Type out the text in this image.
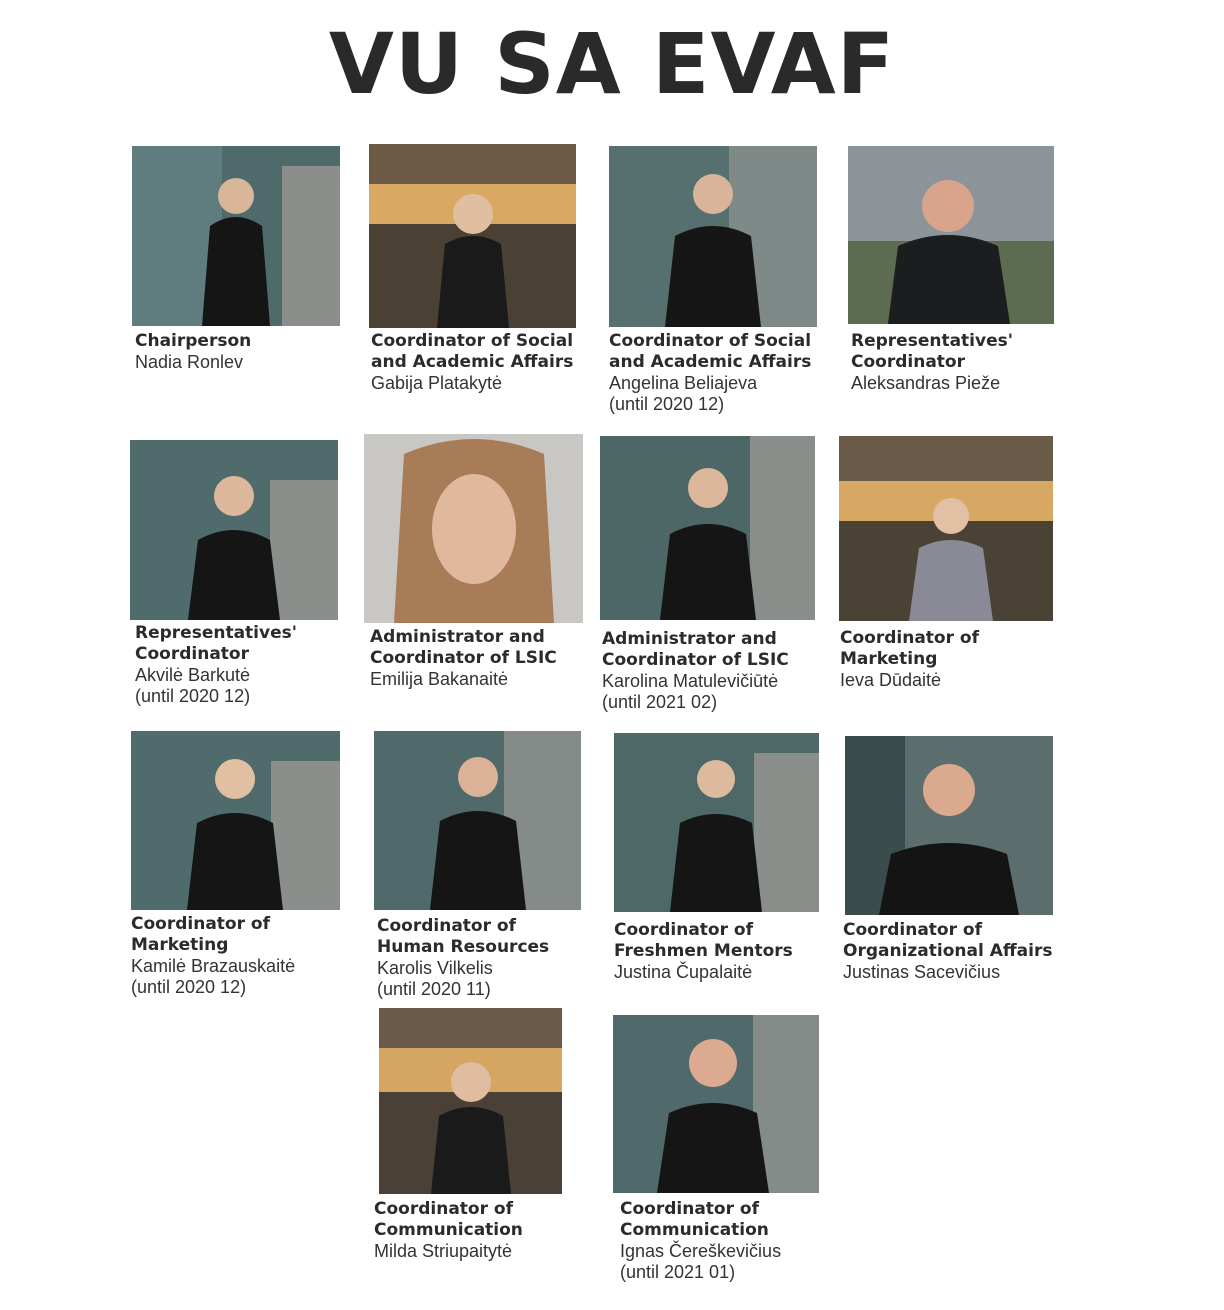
VU SA EVAF
Chairperson
Nadia Ronlev
Coordinator of Social
and Academic Affairs
Gabija Platakytė
Coordinator of Social
and Academic Affairs
Angelina Beliajeva
(until 2020 12)
Representatives'
Coordinator
Aleksandras Pieže
Representatives'
Coordinator
Akvilė Barkutė
(until 2020 12)
Administrator and
Coordinator of LSIC
Emilija Bakanaitė
Administrator and
Coordinator of LSIC
Karolina Matulevičiūtė
(until 2021 02)
Coordinator of
Marketing
Ieva Dūdaitė
Coordinator of
Marketing
Kamilė Brazauskaitė
(until 2020 12)
Coordinator of
Human Resources
Karolis Vilkelis
(until 2020 11)
Coordinator of
Freshmen Mentors
Justina Čupalaitė
Coordinator of
Organizational Affairs
Justinas Sacevičius
Coordinator of
Communication
Milda Striupaitytė
Coordinator of
Communication
Ignas Čereškevičius
(until 2021 01)
